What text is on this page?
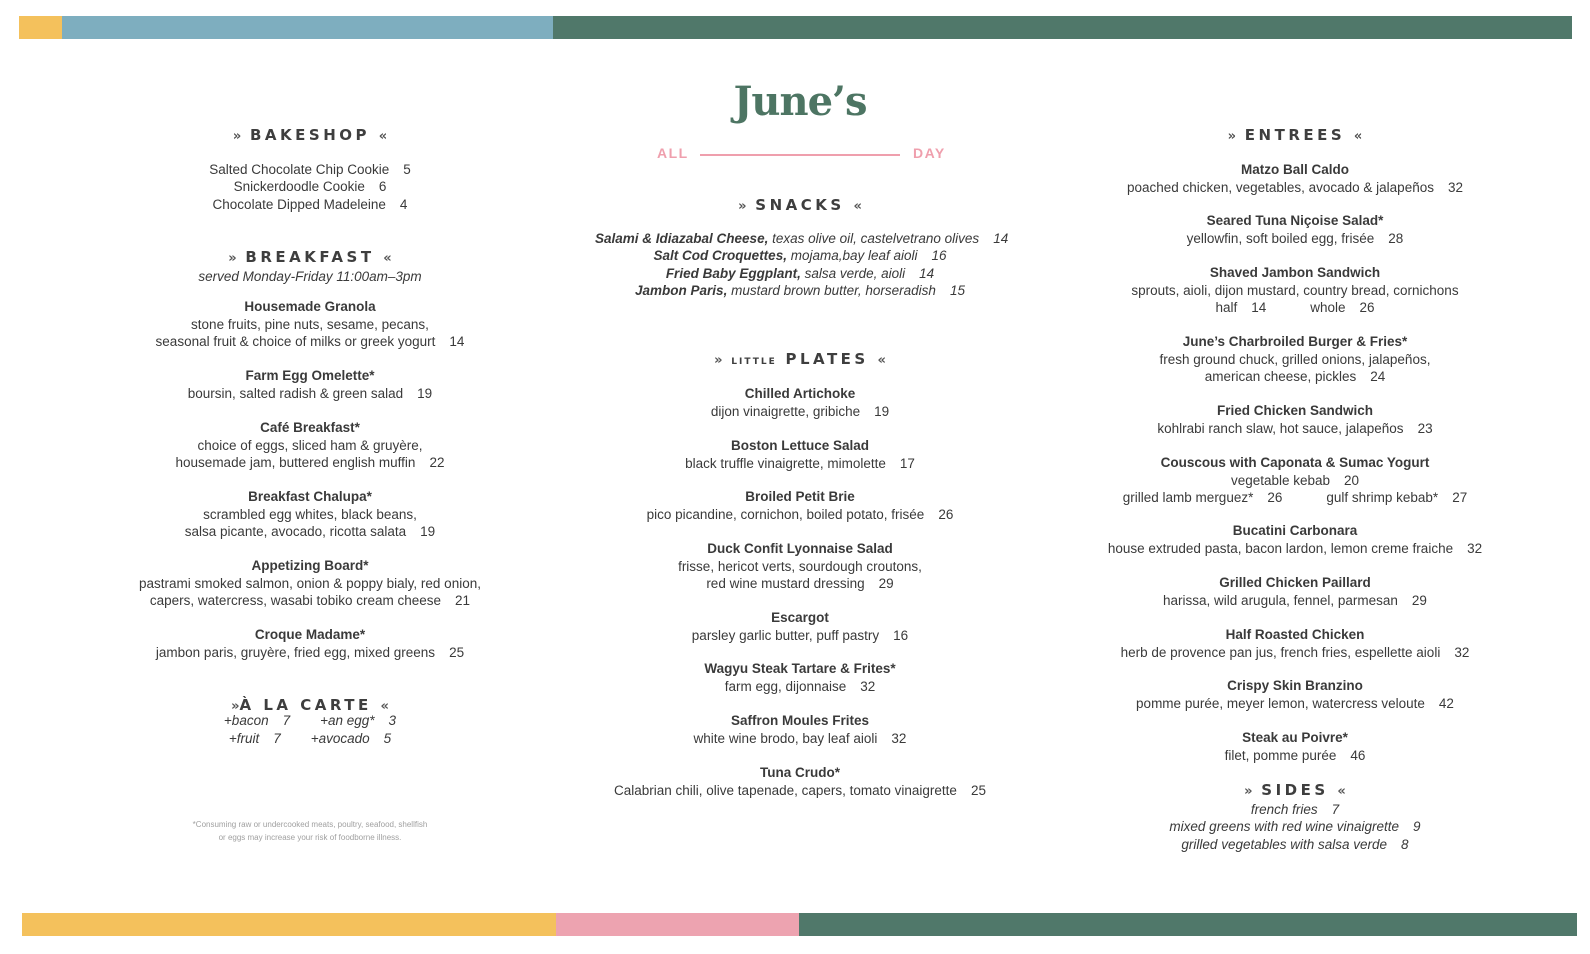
» BAKESHOP «
Salted Chocolate Chip Cookie 5
Snickerdoodle Cookie 6
Chocolate Dipped Madeleine 4
» BREAKFAST «
served Monday-Friday 11:00am–3pm
Housemade Granola
stone fruits, pine nuts, sesame, pecans,
seasonal fruit & choice of milks or greek yogurt 14
Farm Egg Omelette*
boursin, salted radish & green salad 19
Café Breakfast*
choice of eggs, sliced ham & gruyère,
housemade jam, buttered english muffin 22
Breakfast Chalupa*
scrambled egg whites, black beans,
salsa picante, avocado, ricotta salata 19
Appetizing Board*
pastrami smoked salmon, onion & poppy bialy, red onion,
capers, watercress, wasabi tobiko cream cheese 21
Croque Madame*
jambon paris, gruyère, fried egg, mixed greens 25
»À LA CARTE «
+bacon 7 +an egg* 3
+fruit 7 +avocado 5
*Consuming raw or undercooked meats, poultry, seafood, shellfish
or eggs may increase your risk of foodborne illness.
June’s
ALL	DAY
» SNACKS «
Salami & Idiazabal Cheese, texas olive oil, castelvetrano olives 14
Salt Cod Croquettes, mojama,bay leaf aioli 16
Fried Baby Eggplant, salsa verde, aioli 14
Jambon Paris, mustard brown butter, horseradish 15
» LITTLE PLATES «
Chilled Artichoke
dijon vinaigrette, gribiche 19
Boston Lettuce Salad
black truffle vinaigrette, mimolette 17
Broiled Petit Brie
pico picandine, cornichon, boiled potato, frisée 26
Duck Confit Lyonnaise Salad
frisse, hericot verts, sourdough croutons,
red wine mustard dressing 29
Escargot
parsley garlic butter, puff pastry 16
Wagyu Steak Tartare & Frites*
farm egg, dijonnaise 32
Saffron Moules Frites
white wine brodo, bay leaf aioli 32
Tuna Crudo*
Calabrian chili, olive tapenade, capers, tomato vinaigrette 25
» ENTREES «
Matzo Ball Caldo
poached chicken, vegetables, avocado & jalapeños 32
Seared Tuna Niçoise Salad*
yellowfin, soft boiled egg, frisée 28
Shaved Jambon Sandwich
sprouts, aioli, dijon mustard, country bread, cornichons
half 14	whole 26
June’s Charbroiled Burger & Fries*
fresh ground chuck, grilled onions, jalapeños,
american cheese, pickles 24
Fried Chicken Sandwich
kohlrabi ranch slaw, hot sauce, jalapeños 23
Couscous with Caponata & Sumac Yogurt
vegetable kebab 20
grilled lamb merguez* 26	gulf shrimp kebab* 27
Bucatini Carbonara
house extruded pasta, bacon lardon, lemon creme fraiche 32
Grilled Chicken Paillard
harissa, wild arugula, fennel, parmesan 29
Half Roasted Chicken
herb de provence pan jus, french fries, espellette aioli 32
Crispy Skin Branzino
pomme purée, meyer lemon, watercress veloute 42
Steak au Poivre*
filet, pomme purée 46
» SIDES «
french fries 7
mixed greens with red wine vinaigrette 9
grilled vegetables with salsa verde 8
